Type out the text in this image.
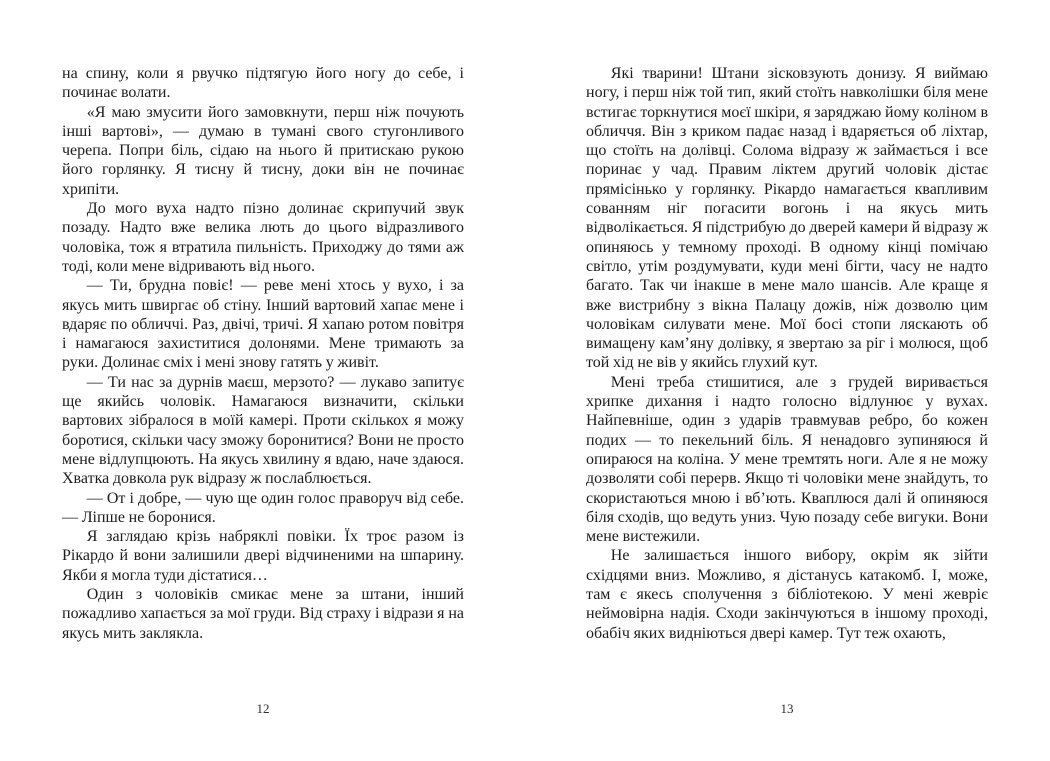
на спину, коли я рвучко підтягую його ногу до себе, і починає волати.

«Я маю змусити його замовкнути, перш ніж почують інші вартові», — думаю в тумані свого стугонливого черепа. Попри біль, сідаю на нього й притискаю рукою його горлянку. Я тисну й тисну, доки він не починає хрипіти.

До мого вуха надто пізно долинає скрипучий звук позаду. Надто вже велика лють до цього відразливого чоловіка, тож я втратила пильність. Приходжу до тями аж тоді, коли мене відривають від нього.

— Ти, брудна повіє! — реве мені хтось у вухо, і за якусь мить швиргає об стіну. Інший вартовий хапає мене і вдаряє по обличчі. Раз, двічі, тричі. Я хапаю ротом повітря і намагаюся захиститися долонями. Мене тримають за руки. Долинає сміх і мені знову гатять у живіт.

— Ти нас за дурнів маєш, мерзото? — лукаво запитує ще якийсь чоловік. Намагаюся визначити, скільки вартових зібралося в моїй камері. Проти скількох я можу боротися, скільки часу зможу боронитися? Вони не просто мене відлупцюють. На якусь хвилину я вдаю, наче здаюся. Хватка довкола рук відразу ж послаблюється.

— От і добре, — чую ще один голос праворуч від себе. — Ліпше не боронися.

Я заглядаю крізь набряклі повіки. Їх троє разом із Рікардо й вони залишили двері відчиненими на шпарину. Якби я могла туди дістатися…

Один з чоловіків смикає мене за штани, інший пожадливо хапається за мої груди. Від страху і відрази я на якусь мить заклякла.

12

Які тварини! Штани зісковзують донизу. Я виймаю ногу, і перш ніж той тип, який стоїть навколішки біля мене встигає торкнутися моєї шкіри, я заряджаю йому коліном в обличчя. Він з криком падає назад і вдаряється об ліхтар, що стоїть на долівці. Солома відразу ж займається і все поринає у чад. Правим ліктем другий чоловік дістає прямісінько у горлянку. Рікардо намагається квапливим сованням ніг погасити вогонь і на якусь мить відволікається. Я підстрибую до дверей камери й відразу ж опиняюсь у темному проході. В одному кінці помічаю світло, утім роздумувати, куди мені бігти, часу не надто багато. Так чи інакше в мене мало шансів. Але краще я вже вистрибну з вікна Палацу дожів, ніж дозволю цим чоловікам силувати мене. Мої босі стопи ляскають об вимащену кам’яну долівку, я звертаю за ріг і молюся, щоб той хід не вів у якийсь глухий кут.

Мені треба стишитися, але з грудей виривається хрипке дихання і надто голосно відлунює у вухах. Найпевніше, один з ударів травмував ребро, бо кожен подих — то пекельний біль. Я ненадовго зупиняюся й опираюся на коліна. У мене тремтять ноги. Але я не можу дозволяти собі перерв. Якщо ті чоловіки мене знайдуть, то скористаються мною і вб’ють. Кваплюся далі й опиняюся біля сходів, що ведуть униз. Чую позаду себе вигуки. Вони мене вистежили.

Не залишається іншого вибору, окрім як зійти східцями вниз. Можливо, я дістанусь катакомб. І, може, там є якесь сполучення з бібліотекою. У мені жевріє неймовірна надія. Сходи закінчуються в іншому проході, обабіч яких видніються двері камер. Тут теж охають,

13
